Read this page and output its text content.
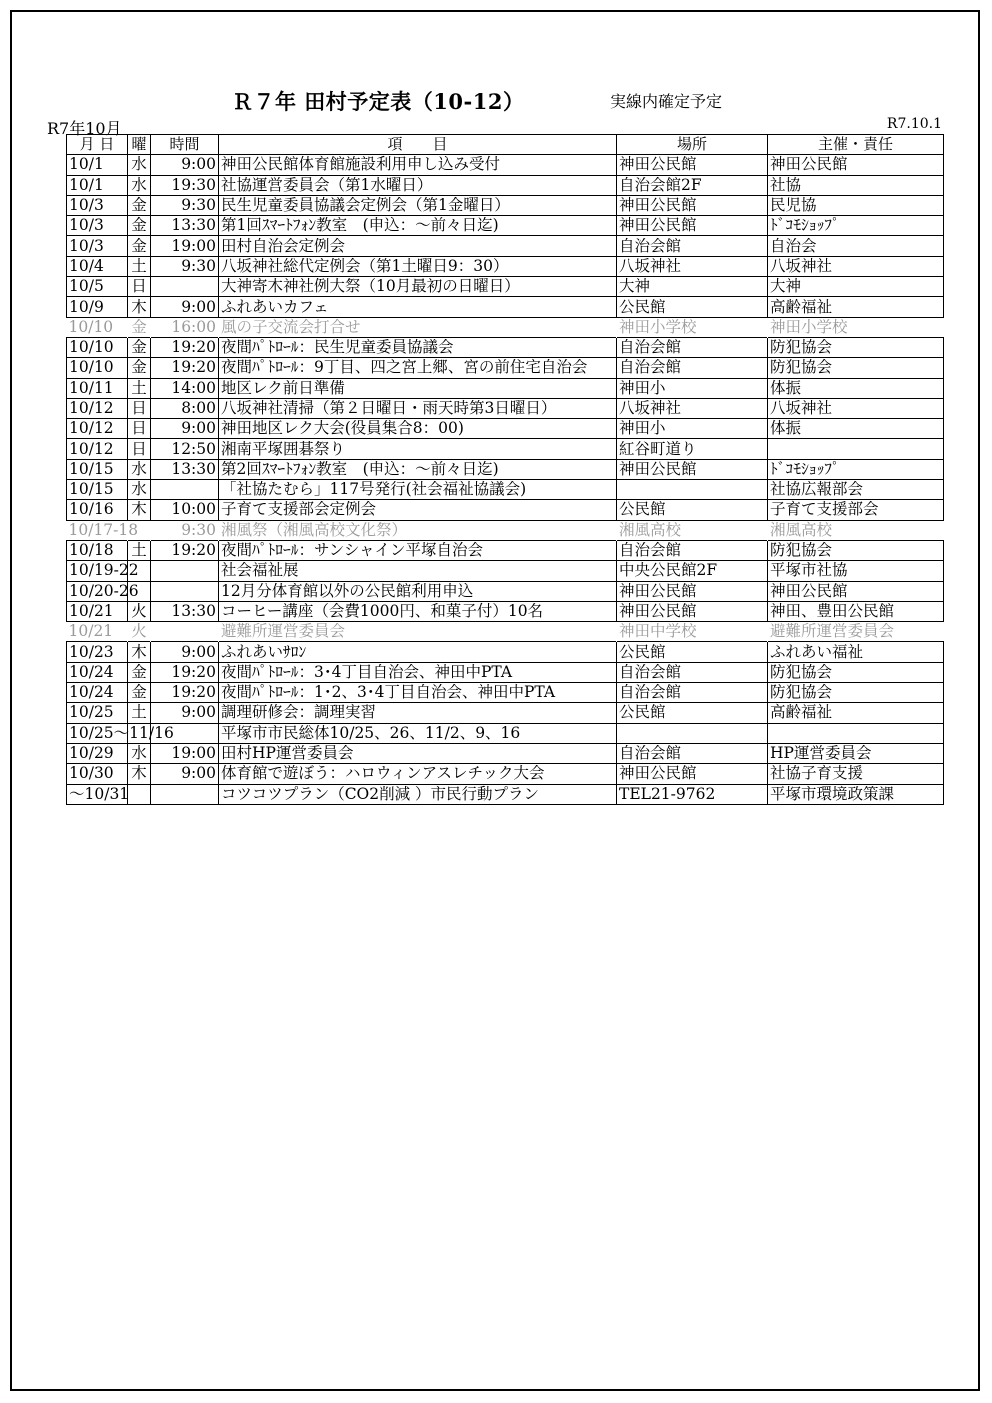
Ｒ７年 田村予定表（10-12）	実線内確定予定
R7年10月	R7.10.1
月 日	曜	時間	項　　目	場所	主催・責任
10/1	水	9:00	神田公民館体育館施設利用申し込み受付	神田公民館	神田公民館
10/1	水	19:30	社協運営委員会（第1水曜日）	自治会館2F	社協
10/3	金	9:30	民生児童委員協議会定例会（第1金曜日）	神田公民館	民児協
10/3	金	13:30	第1回ｽﾏｰﾄﾌｫﾝ教室　(申込：～前々日迄)	神田公民館	ﾄﾞｺﾓｼｮｯﾌﾟ
10/3	金	19:00	田村自治会定例会	自治会館	自治会
10/4	土	9:30	八坂神社総代定例会（第1土曜日9：30）	八坂神社	八坂神社
10/5	日		大神寄木神社例大祭（10月最初の日曜日）	大神	大神
10/9	木	9:00	ふれあいカフェ	公民館	高齢福祉
10/10	金	16:00	風の子交流会打合せ	神田小学校	神田小学校
10/10	金	19:20	夜間ﾊﾟﾄﾛｰﾙ：民生児童委員協議会	自治会館	防犯協会
10/10	金	19:20	夜間ﾊﾟﾄﾛｰﾙ：9丁目、四之宮上郷、宮の前住宅自治会	自治会館	防犯協会
10/11	土	14:00	地区レク前日準備	神田小	体振
10/12	日	8:00	八坂神社清掃（第２日曜日・雨天時第3日曜日）	八坂神社	八坂神社
10/12	日	9:00	神田地区レク大会(役員集合8：00)	神田小	体振
10/12	日	12:50	湘南平塚囲碁祭り	紅谷町道り	
10/15	水	13:30	第2回ｽﾏｰﾄﾌｫﾝ教室　(申込：～前々日迄)	神田公民館	ﾄﾞｺﾓｼｮｯﾌﾟ
10/15	水		「社協たむら」117号発行(社会福祉協議会)		社協広報部会
10/16	木	10:00	子育て支援部会定例会	公民館	子育て支援部会
10/17-18		9:30	湘風祭（湘風高校文化祭）	湘風高校	湘風高校
10/18	土	19:20	夜間ﾊﾟﾄﾛｰﾙ：サンシャイン平塚自治会	自治会館	防犯協会
10/19-22			社会福祉展	中央公民館2F	平塚市社協
10/20-26			12月分体育館以外の公民館利用申込	神田公民館	神田公民館
10/21	火	13:30	コーヒー講座（会費1000円、和菓子付）10名	神田公民館	神田、豊田公民館
10/21	火		避難所運営委員会	神田中学校	避難所運営委員会
10/23	木	9:00	ふれあいｻﾛﾝ	公民館	ふれあい福祉
10/24	金	19:20	夜間ﾊﾟﾄﾛｰﾙ：3･4丁目自治会、神田中PTA	自治会館	防犯協会
10/24	金	19:20	夜間ﾊﾟﾄﾛｰﾙ：1･2、3･4丁目自治会、神田中PTA	自治会館	防犯協会
10/25	土	9:00	調理研修会：調理実習	公民館	高齢福祉
10/25～11/16			平塚市市民総体10/25、26、11/2、9、16		
10/29	水	19:00	田村HP運営委員会	自治会館	HP運営委員会
10/30	木	9:00	体育館で遊ぼう：ハロウィンアスレチック大会	神田公民館	社協子育支援
～10/31			コツコツプラン（CO2削減 ）市民行動プラン	TEL21-9762	平塚市環境政策課
